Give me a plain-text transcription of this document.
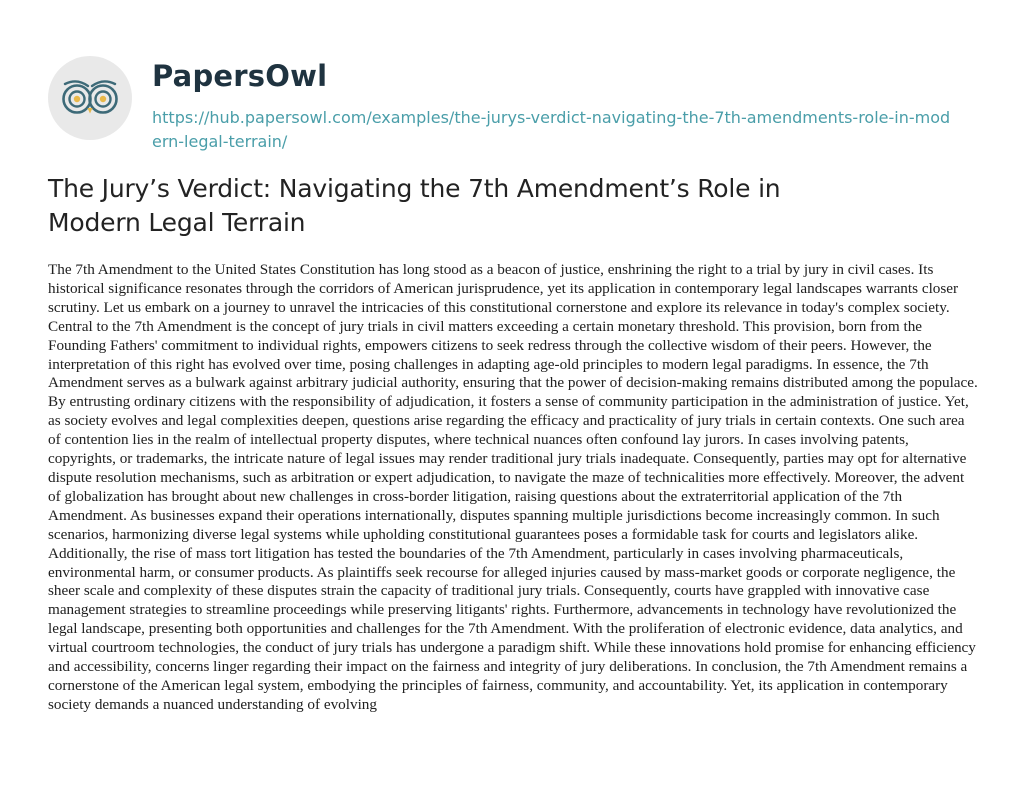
PapersOwl
https://hub.papersowl.com/examples/the-jurys-verdict-navigating-the-7th-amendments-role-in-modern-legal-terrain/
The Jury’s Verdict: Navigating the 7th Amendment’s Role in Modern Legal Terrain

The 7th Amendment to the United States Constitution has long stood as a beacon of justice, enshrining the right to a trial by jury in civil cases. Its historical significance resonates through the corridors of American jurisprudence, yet its application in contemporary legal landscapes warrants closer scrutiny. Let us embark on a journey to unravel the intricacies of this constitutional cornerstone and explore its relevance in today's complex society. Central to the 7th Amendment is the concept of jury trials in civil matters exceeding a certain monetary threshold. This provision, born from the Founding Fathers' commitment to individual rights, empowers citizens to seek redress through the collective wisdom of their peers. However, the interpretation of this right has evolved over time, posing challenges in adapting age-old principles to modern legal paradigms. In essence, the 7th Amendment serves as a bulwark against arbitrary judicial authority, ensuring that the power of decision-making remains distributed among the populace. By entrusting ordinary citizens with the responsibility of adjudication, it fosters a sense of community participation in the administration of justice. Yet, as society evolves and legal complexities deepen, questions arise regarding the efficacy and practicality of jury trials in certain contexts. One such area of contention lies in the realm of intellectual property disputes, where technical nuances often confound lay jurors. In cases involving patents, copyrights, or trademarks, the intricate nature of legal issues may render traditional jury trials inadequate. Consequently, parties may opt for alternative dispute resolution mechanisms, such as arbitration or expert adjudication, to navigate the maze of technicalities more effectively. Moreover, the advent of globalization has brought about new challenges in cross-border litigation, raising questions about the extraterritorial application of the 7th Amendment. As businesses expand their operations internationally, disputes spanning multiple jurisdictions become increasingly common. In such scenarios, harmonizing diverse legal systems while upholding constitutional guarantees poses a formidable task for courts and legislators alike. Additionally, the rise of mass tort litigation has tested the boundaries of the 7th Amendment, particularly in cases involving pharmaceuticals, environmental harm, or consumer products. As plaintiffs seek recourse for alleged injuries caused by mass-market goods or corporate negligence, the sheer scale and complexity of these disputes strain the capacity of traditional jury trials. Consequently, courts have grappled with innovative case management strategies to streamline proceedings while preserving litigants' rights. Furthermore, advancements in technology have revolutionized the legal landscape, presenting both opportunities and challenges for the 7th Amendment. With the proliferation of electronic evidence, data analytics, and virtual courtroom technologies, the conduct of jury trials has undergone a paradigm shift. While these innovations hold promise for enhancing efficiency and accessibility, concerns linger regarding their impact on the fairness and integrity of jury deliberations. In conclusion, the 7th Amendment remains a cornerstone of the American legal system, embodying the principles of fairness, community, and accountability. Yet, its application in contemporary society demands a nuanced understanding of evolving
